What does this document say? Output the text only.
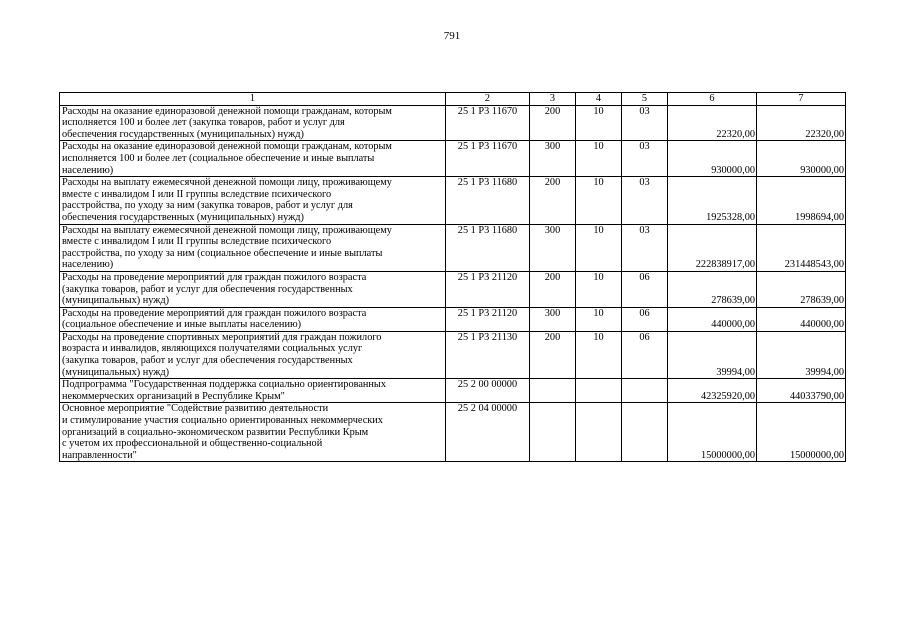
791
1	2	3	4	5	6	7
Расходы на оказание единоразовой денежной помощи гражданам, которым
исполняется 100 и более лет (закупка товаров, работ и услуг для
обеспечения государственных (муниципальных) нужд)	25 1 Р3 11670	200	10	03	22320,00	22320,00
Расходы на оказание единоразовой денежной помощи гражданам, которым
исполняется 100 и более лет (социальное обеспечение и иные выплаты
населению)	25 1 Р3 11670	300	10	03	930000,00	930000,00
Расходы на выплату ежемесячной денежной помощи лицу, проживающему
вместе с инвалидом I или II группы вследствие психического
расстройства, по уходу за ним (закупка товаров, работ и услуг для
обеспечения государственных (муниципальных) нужд)	25 1 Р3 11680	200	10	03	1925328,00	1998694,00
Расходы на выплату ежемесячной денежной помощи лицу, проживающему
вместе с инвалидом I или II группы вследствие психического
расстройства, по уходу за ним (социальное обеспечение и иные выплаты
населению)	25 1 Р3 11680	300	10	03	222838917,00	231448543,00
Расходы на проведение мероприятий для граждан пожилого возраста
(закупка товаров, работ и услуг для обеспечения государственных
(муниципальных) нужд)	25 1 Р3 21120	200	10	06	278639,00	278639,00
Расходы на проведение мероприятий для граждан пожилого возраста
(социальное обеспечение и иные выплаты населению)	25 1 Р3 21120	300	10	06	440000,00	440000,00
Расходы на проведение спортивных мероприятий для граждан пожилого
возраста и инвалидов, являющихся получателями социальных услуг
(закупка товаров, работ и услуг для обеспечения государственных
(муниципальных) нужд)	25 1 Р3 21130	200	10	06	39994,00	39994,00
Подпрограмма "Государственная поддержка социально ориентированных
некоммерческих организаций в Республике Крым"	25 2 00 00000				42325920,00	44033790,00
Основное мероприятие "Содействие развитию деятельности
и стимулирование участия социально ориентированных некоммерческих
организаций в социально-экономическом развитии Республики Крым
с учетом их профессиональной и общественно-социальной
направленности"	25 2 04 00000				15000000,00	15000000,00
